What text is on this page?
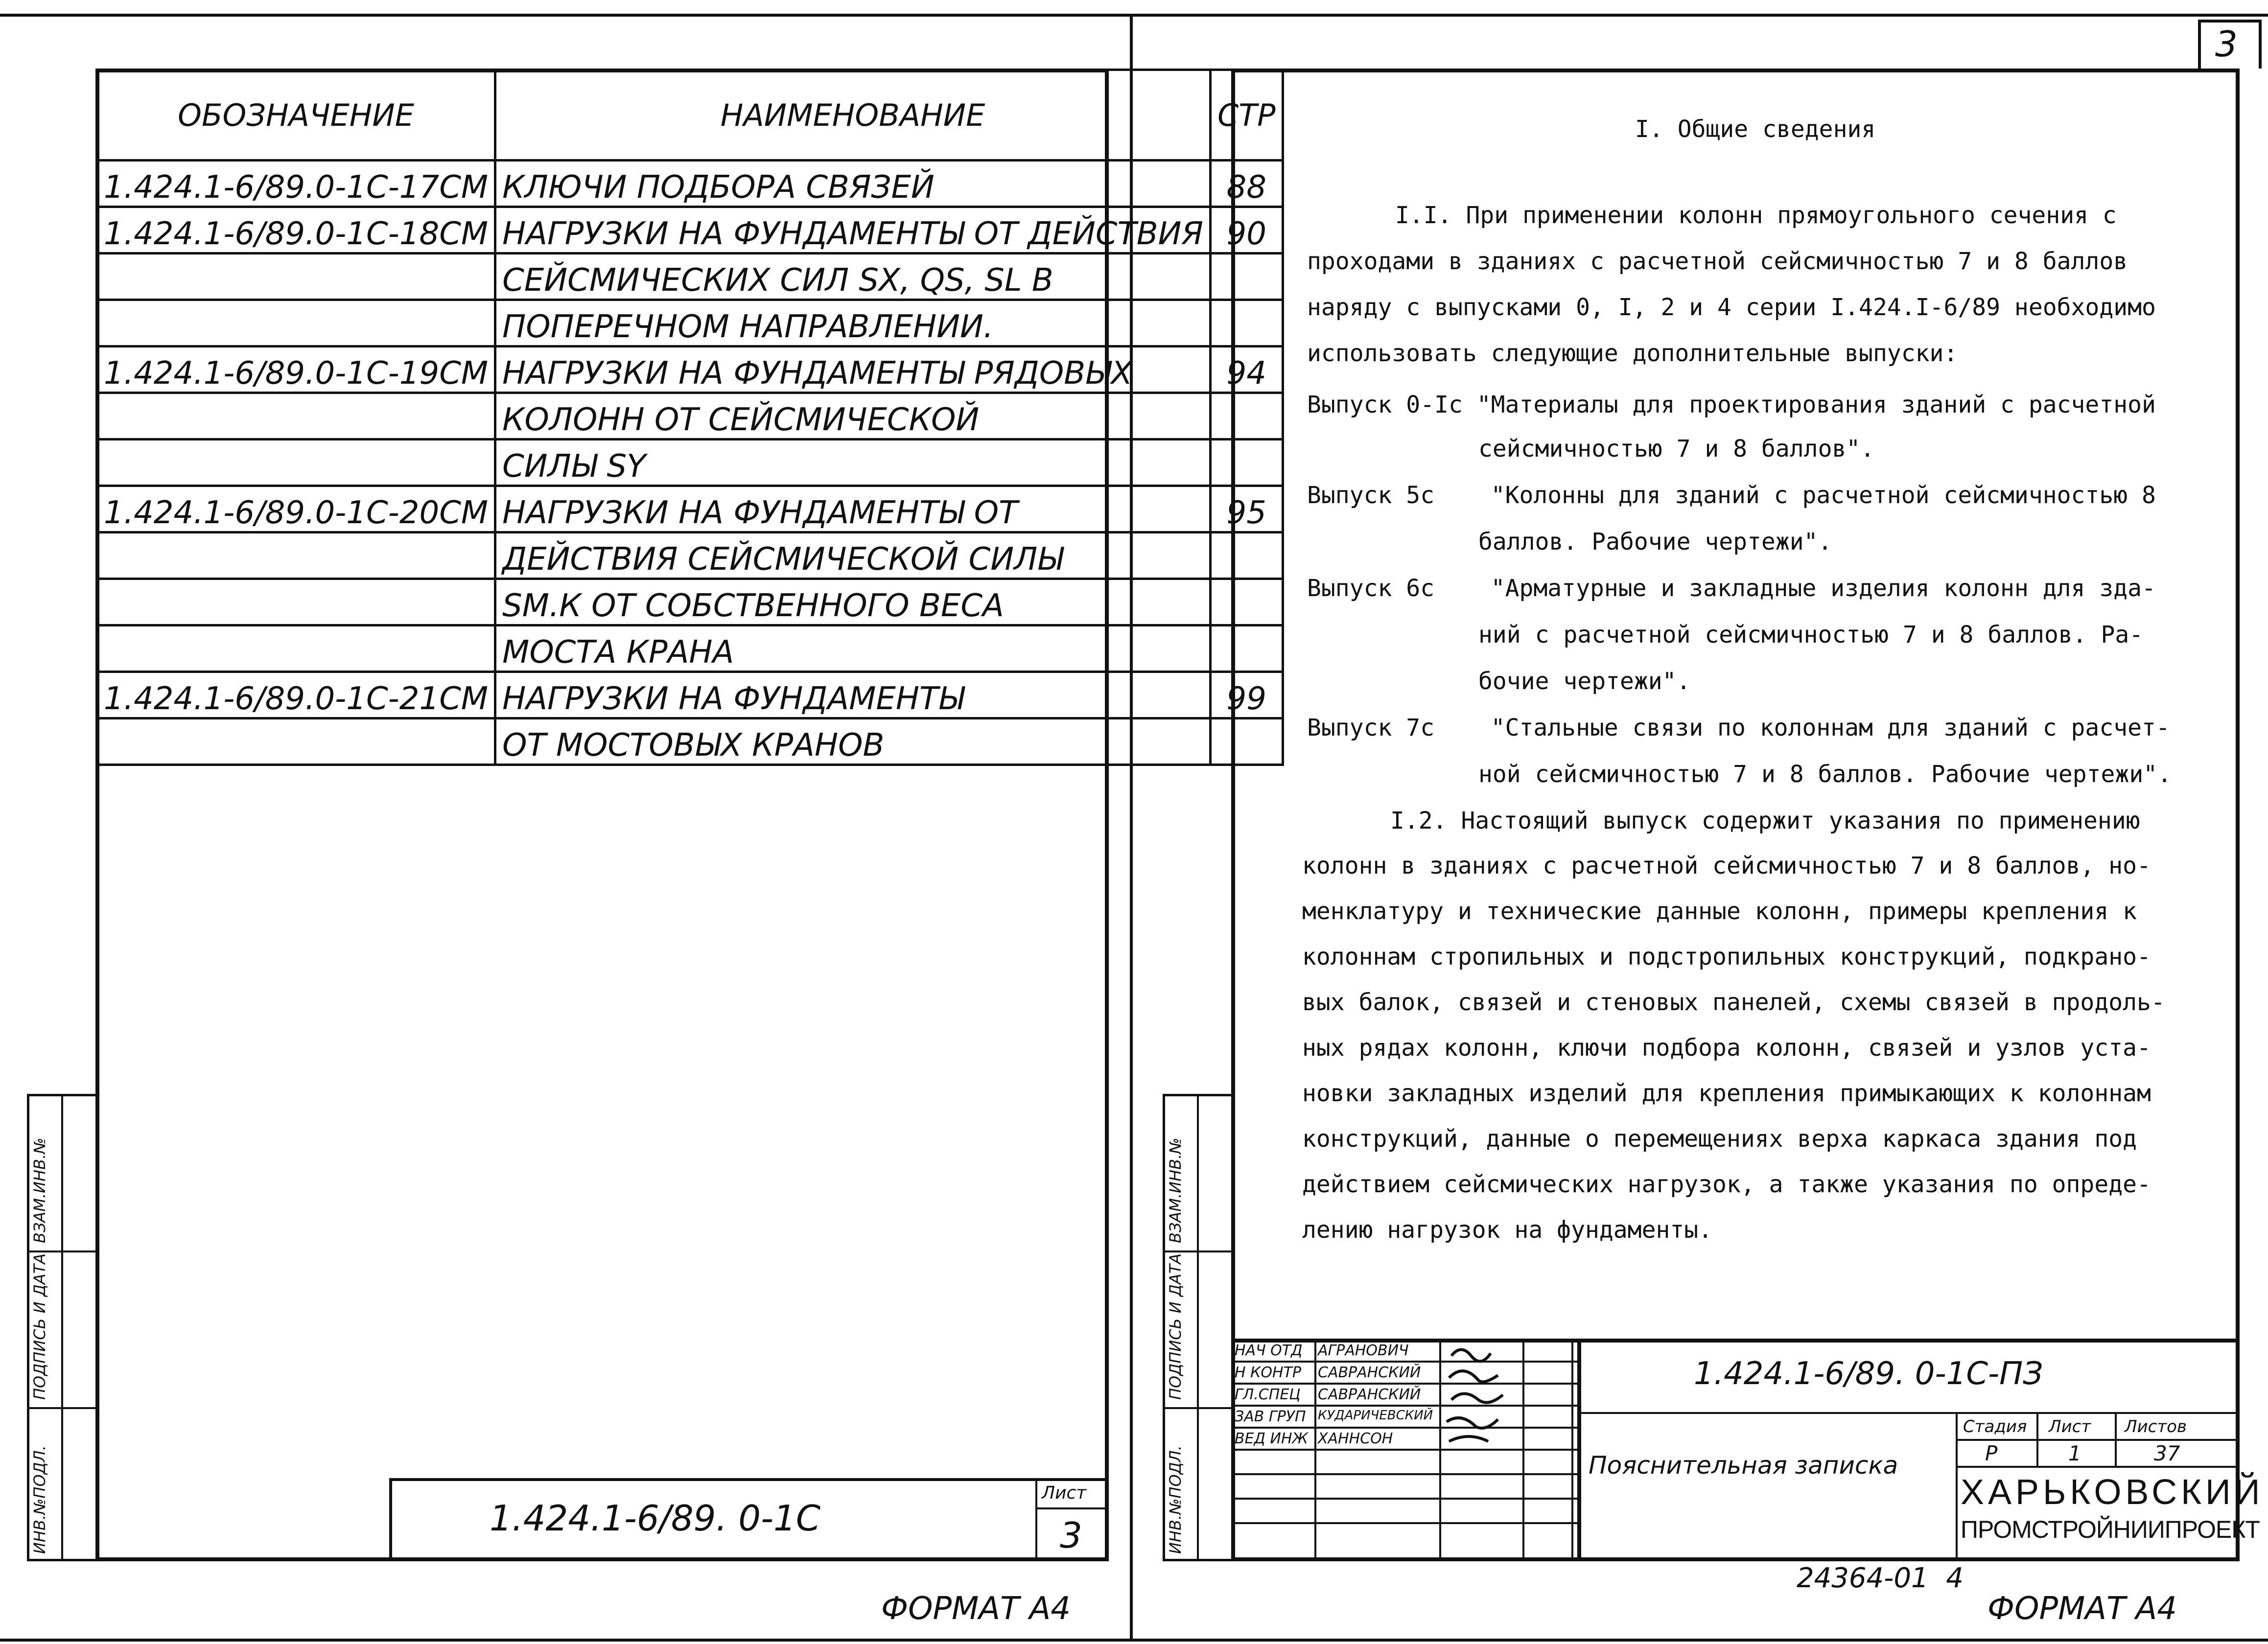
ОБОЗНАЧЕНИЕ	НАИМЕНОВАНИЕ	СТР
1.424.1-6/89.0-1С-17СМ	КЛЮЧИ ПОДБОРА СВЯЗЕЙ	88
1.424.1-6/89.0-1С-18СМ	НАГРУЗКИ НА ФУНДАМЕНТЫ ОТ ДЕЙСТВИЯ	90
	СЕЙСМИЧЕСКИХ СИЛ SX, QS, SL В	
	ПОПЕРЕЧНОМ НАПРАВЛЕНИИ.	
1.424.1-6/89.0-1С-19СМ	НАГРУЗКИ НА ФУНДАМЕНТЫ РЯДОВЫХ	94
	КОЛОНН ОТ СЕЙСМИЧЕСКОЙ	
	СИЛЫ SY	
1.424.1-6/89.0-1С-20СМ	НАГРУЗКИ НА ФУНДАМЕНТЫ ОТ	95
	ДЕЙСТВИЯ СЕЙСМИЧЕСКОЙ СИЛЫ	
	SM.К ОТ СОБСТВЕННОГО ВЕСА	
	МОСТА КРАНА	
1.424.1-6/89.0-1С-21СМ	НАГРУЗКИ НА ФУНДАМЕНТЫ	99
	ОТ МОСТОВЫХ КРАНОВ	
ВЗАМ.ИНВ.№
ПОДПИСЬ И ДАТА
ИНВ.№ПОДЛ.	1.424.1-6/89. 0-1С
Лист
3
ФОРМАТ А4
3
I. Общие сведения
I.I. При применении колонн прямоугольного сечения с
проходами в зданиях с расчетной сейсмичностью 7 и 8 баллов
наряду с выпусками 0, I, 2 и 4 серии I.424.I-6/89 необходимо
использовать следующие дополнительные выпуски:
Выпуск 0-Iс "Материалы для проектирования зданий с расчетной
сейсмичностью 7 и 8 баллов".
Выпуск 5с    "Колонны для зданий с расчетной сейсмичностью 8
баллов. Рабочие чертежи".
Выпуск 6с    "Арматурные и закладные изделия колонн для зда-
ний с расчетной сейсмичностью 7 и 8 баллов. Ра-
бочие чертежи".
Выпуск 7с    "Стальные связи по колоннам для зданий с расчет-
ной сейсмичностью 7 и 8 баллов. Рабочие чертежи".
I.2. Настоящий выпуск содержит указания по применению
колонн в зданиях с расчетной сейсмичностью 7 и 8 баллов, но-
менклатуру и технические данные колонн, примеры крепления к
колоннам стропильных и подстропильных конструкций, подкрано-
вых балок, связей и стеновых панелей, схемы связей в продоль-
ных рядах колонн, ключи подбора колонн, связей и узлов уста-
новки закладных изделий для крепления примыкающих к колоннам
конструкций, данные о перемещениях верха каркаса здания под
действием сейсмических нагрузок, а также указания по опреде-
лению нагрузок на фундаменты.
ВЗАМ.ИНВ.№
ПОДПИСЬ И ДАТА
ИНВ.№ПОДЛ.
НАЧ ОТД АГРАНОВИЧ
Н КОНТР САВРАНСКИЙ
ГЛ.СПЕЦ САВРАНСКИЙ
ЗАВ ГРУП КУДАРИЧЕВСКИЙ
ВЕД ИНЖ ХАННСОН
1.424.1-6/89. 0-1С-ПЗ
Пояснительная записка
Стадия Лист Листов
Р	1	37
ХАРЬКОВСКИЙ
ПРОМСТРОЙНИИПРОЕКТ
24364-01  4
ФОРМАТ А4
